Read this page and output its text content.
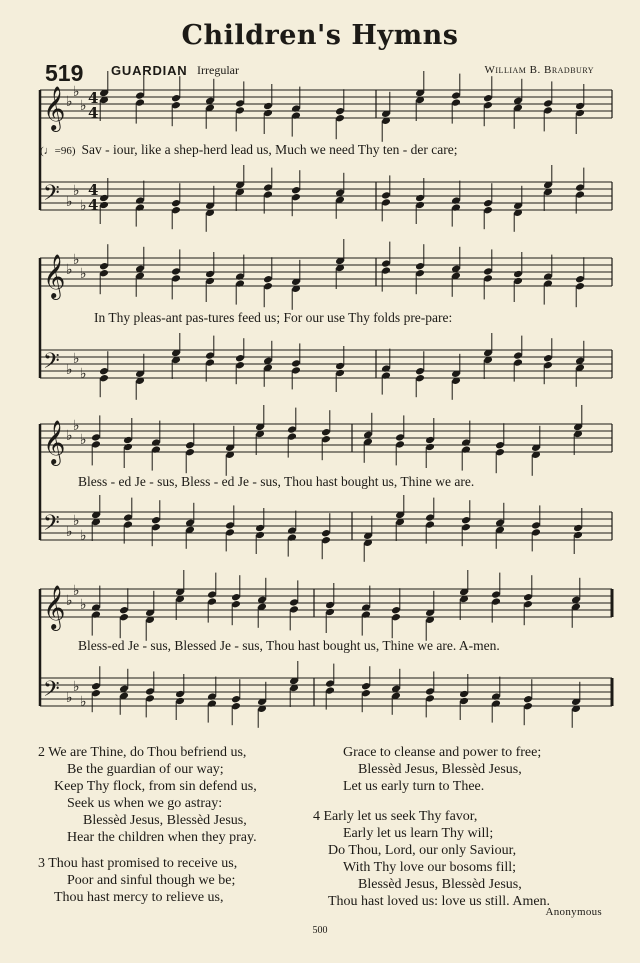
Children's Hymns
519 GUARDIAN Irregular	William B. Bradbury
𝄞 ♭
♭
♭ 4
4
𝄢 ♭
♭
♭
4
4
𝄞 ♭
♭
♭
𝄢 ♭
♭
♭
𝄞 ♭
♭
♭
𝄢 ♭
♭
♭
𝄞 ♭
♭
♭
𝄢 ♭
♭
♭
(♩=96) Sav - iour, like a shep-herd lead us, Much we need Thy ten - der care;
In Thy pleas-ant pas-tures feed us; For our use Thy folds pre-pare:
Bless - ed Je - sus, Bless - ed Je - sus, Thou hast bought us, Thine we are.
Bless-ed Je - sus, Blessed Je - sus, Thou hast bought us, Thine we are. A-men.
2 We are Thine, do Thou befriend us,
Be the guardian of our way;
Keep Thy flock, from sin defend us,
Seek us when we go astray:
Blessèd Jesus, Blessèd Jesus,
Hear the children when they pray.
3 Thou hast promised to receive us,
Poor and sinful though we be;
Thou hast mercy to relieve us,
Grace to cleanse and power to free;
Blessèd Jesus, Blessèd Jesus,
Let us early turn to Thee.
4 Early let us seek Thy favor,
Early let us learn Thy will;
Do Thou, Lord, our only Saviour,
With Thy love our bosoms fill;
Blessèd Jesus, Blessèd Jesus,
Thou hast loved us: love us still. Amen.
Anonymous
500
